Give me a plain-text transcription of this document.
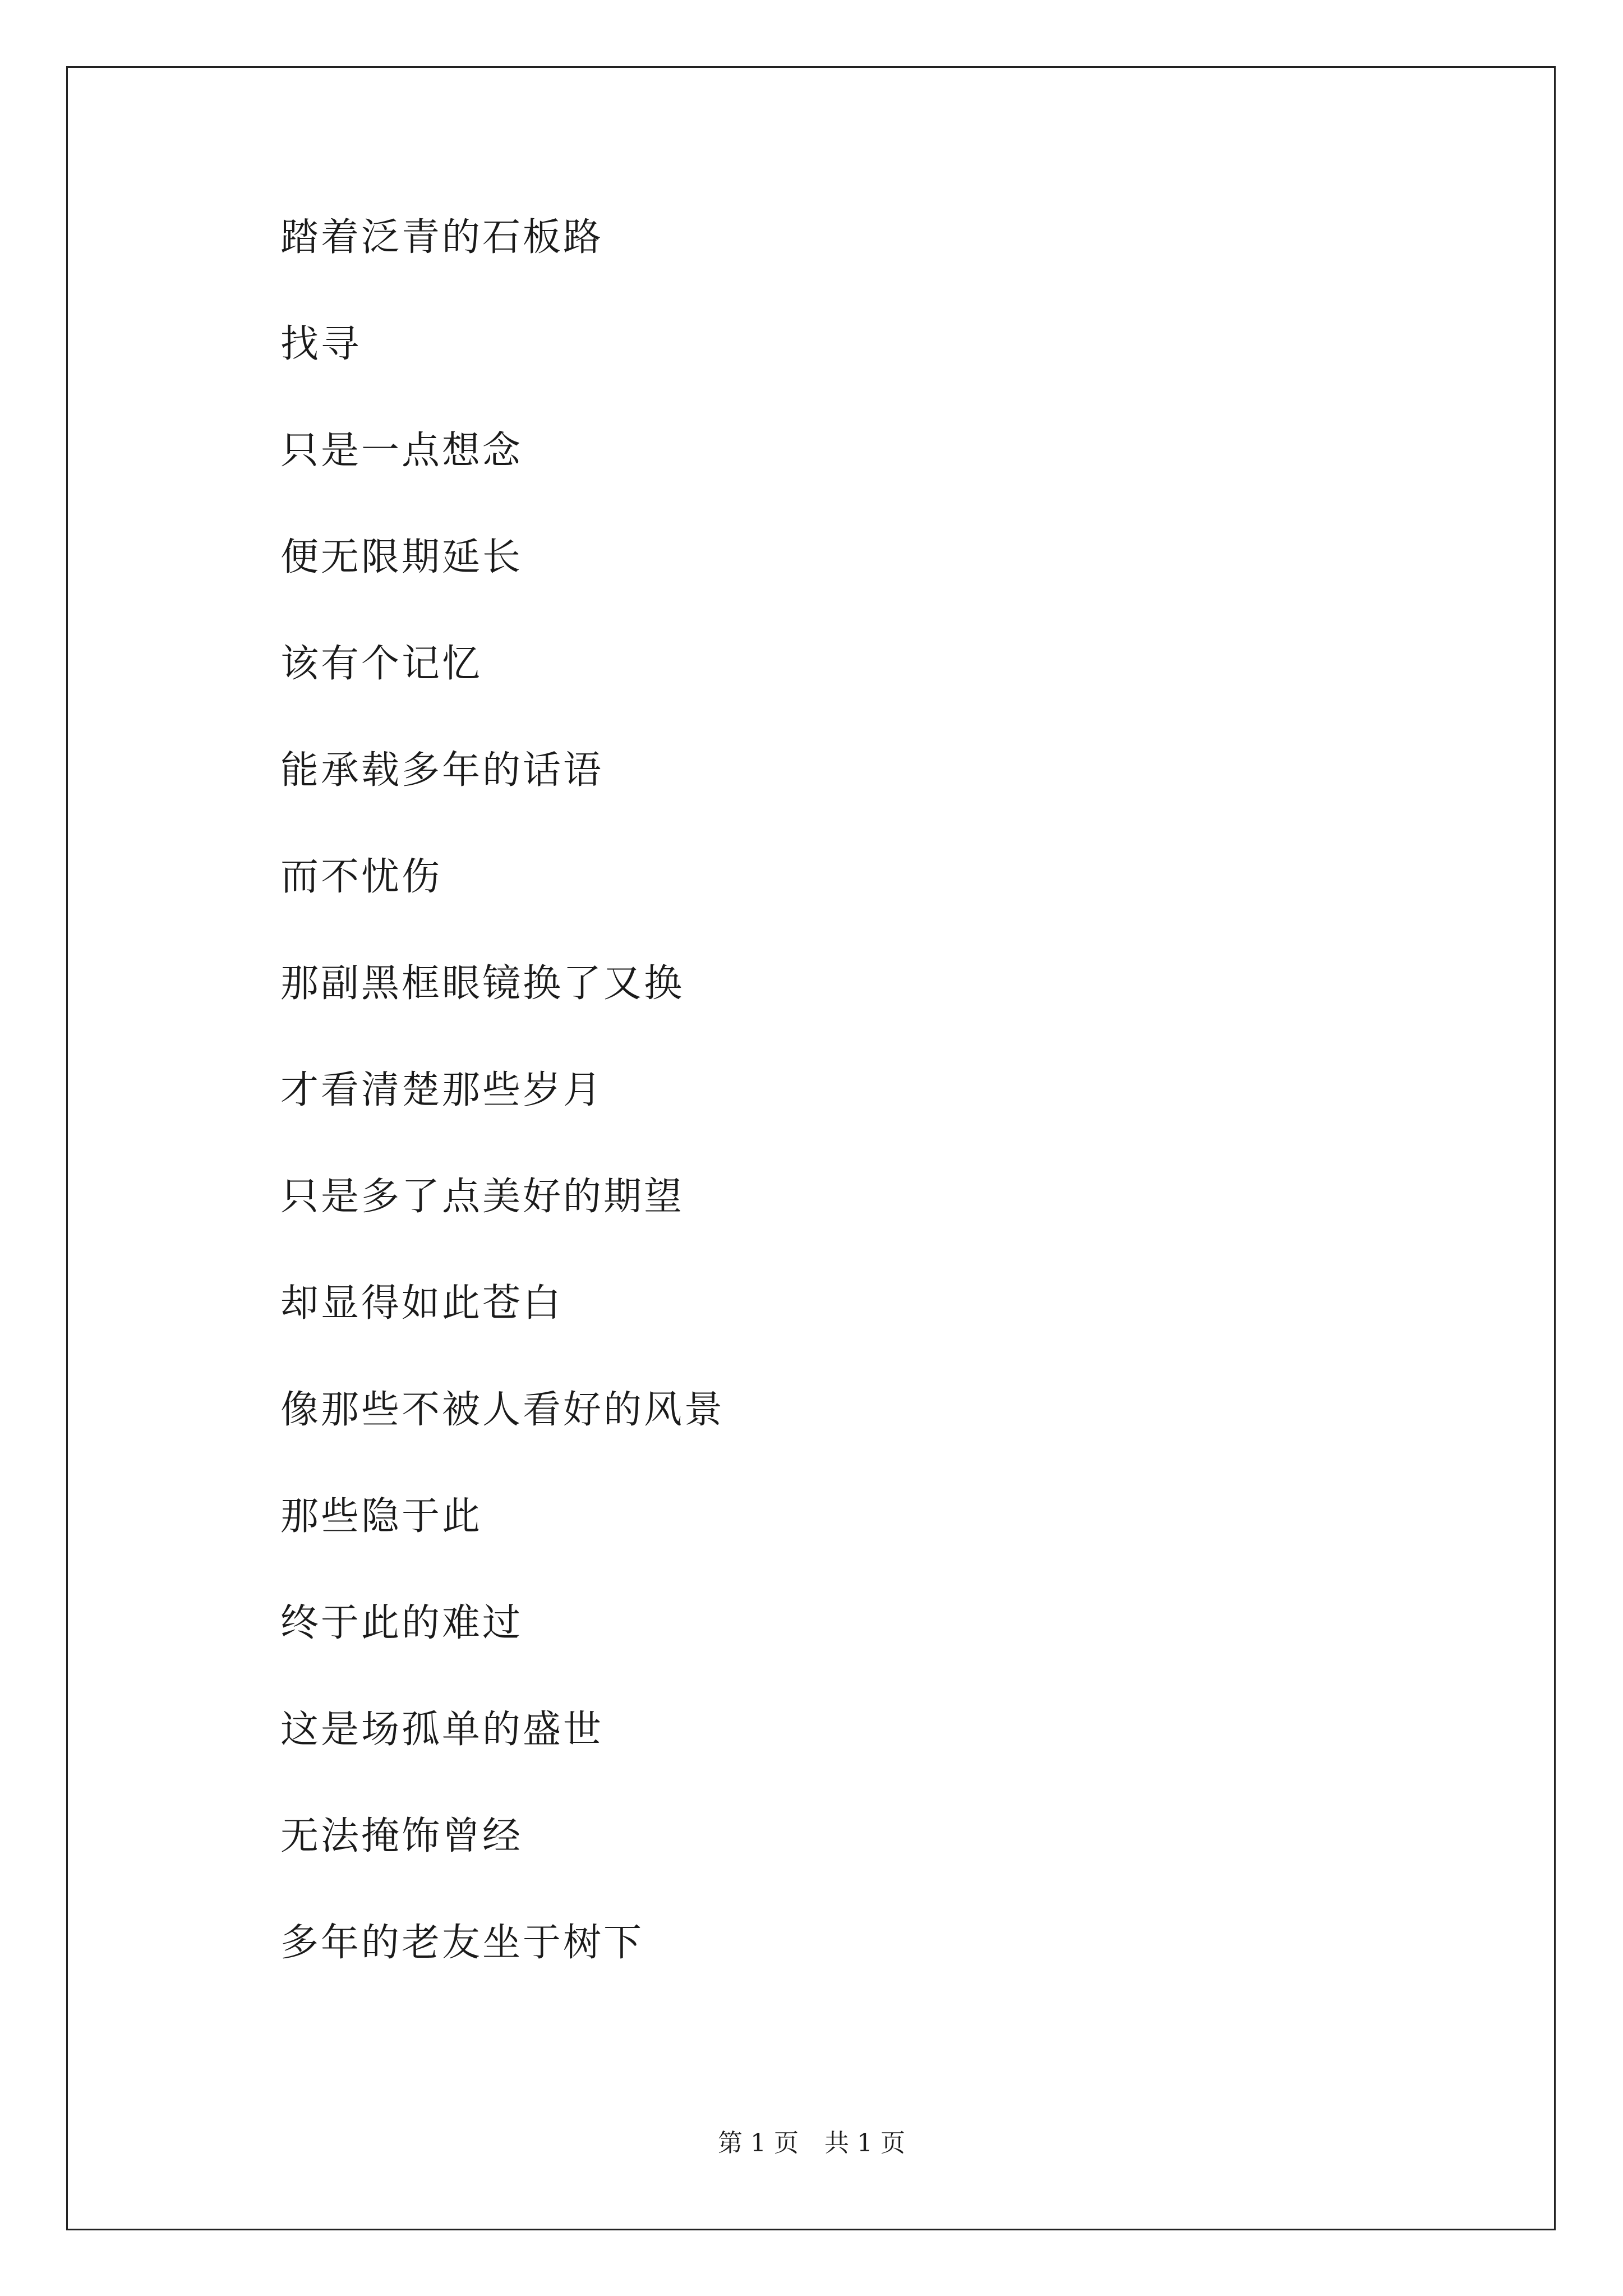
踏着泛青的石板路
找寻
只是一点想念
便无限期延长
该有个记忆
能承载多年的话语
而不忧伤
那副黑框眼镜换了又换
才看清楚那些岁月
只是多了点美好的期望
却显得如此苍白
像那些不被人看好的风景
那些隐于此
终于此的难过
这是场孤单的盛世
无法掩饰曾经
多年的老友坐于树下
第 1 页 共 1 页
